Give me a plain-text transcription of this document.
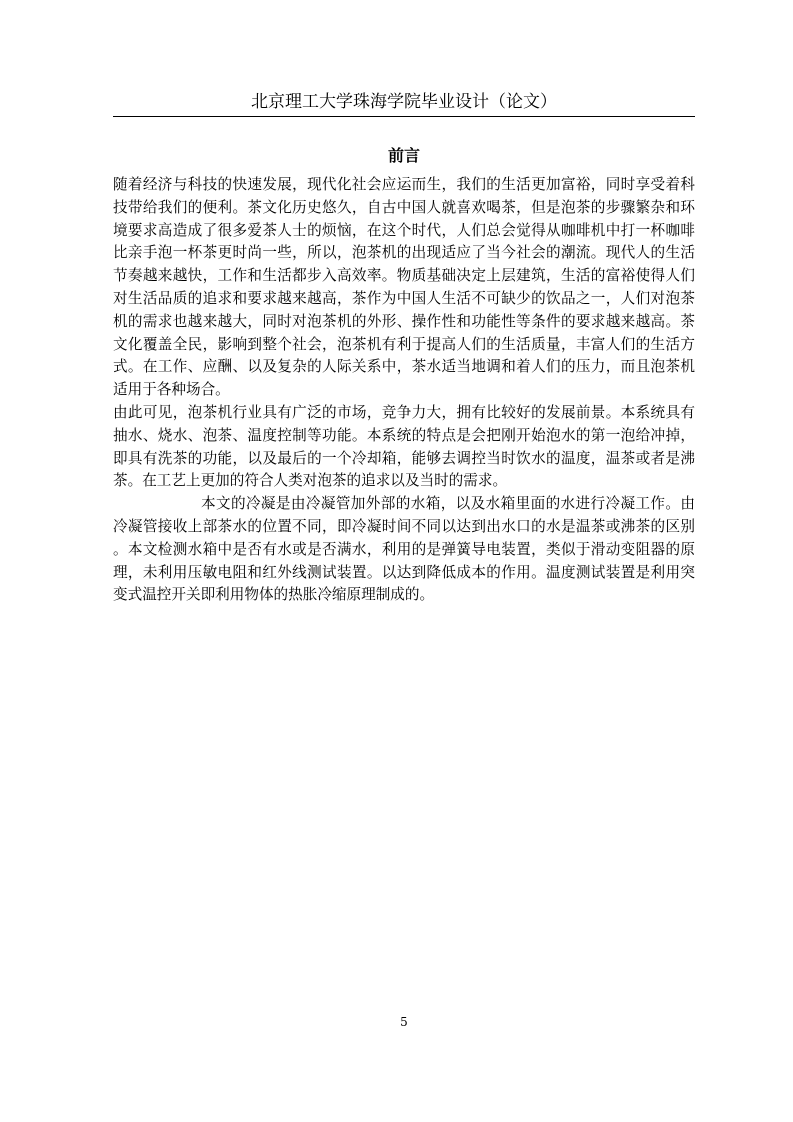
北京理工大学珠海学院毕业设计（论文）
前言

随着经济与科技的快速发展，现代化社会应运而生，我们的生活更加富裕，同时享受着科技带给我们的便利。茶文化历史悠久，自古中国人就喜欢喝茶，但是泡茶的步骤繁杂和环境要求高造成了很多爱茶人士的烦恼，在这个时代，人们总会觉得从咖啡机中打一杯咖啡比亲手泡一杯茶更时尚一些，所以，泡茶机的出现适应了当今社会的潮流。现代人的生活节奏越来越快，工作和生活都步入高效率。物质基础决定上层建筑，生活的富裕使得人们对生活品质的追求和要求越来越高，茶作为中国人生活不可缺少的饮品之一，人们对泡茶机的需求也越来越大，同时对泡茶机的外形、操作性和功能性等条件的要求越来越高。茶文化覆盖全民，影响到整个社会，泡茶机有利于提高人们的生活质量，丰富人们的生活方式。在工作、应酬、以及复杂的人际关系中，茶水适当地调和着人们的压力，而且泡茶机适用于各种场合。

由此可见，泡茶机行业具有广泛的市场，竞争力大，拥有比较好的发展前景。本系统具有抽水、烧水、泡茶、温度控制等功能。本系统的特点是会把刚开始泡水的第一泡给冲掉，即具有洗茶的功能，以及最后的一个冷却箱，能够去调控当时饮水的温度，温茶或者是沸茶。在工艺上更加的符合人类对泡茶的追求以及当时的需求。

本文的冷凝是由冷凝管加外部的水箱，以及水箱里面的水进行冷凝工作。由冷凝管接收上部茶水的位置不同，即冷凝时间不同以达到出水口的水是温茶或沸茶的区别。本文检测水箱中是否有水或是否满水，利用的是弹簧导电装置，类似于滑动变阻器的原理，未利用压敏电阻和红外线测试装置。以达到降低成本的作用。温度测试装置是利用突变式温控开关即利用物体的热胀冷缩原理制成的。

5
